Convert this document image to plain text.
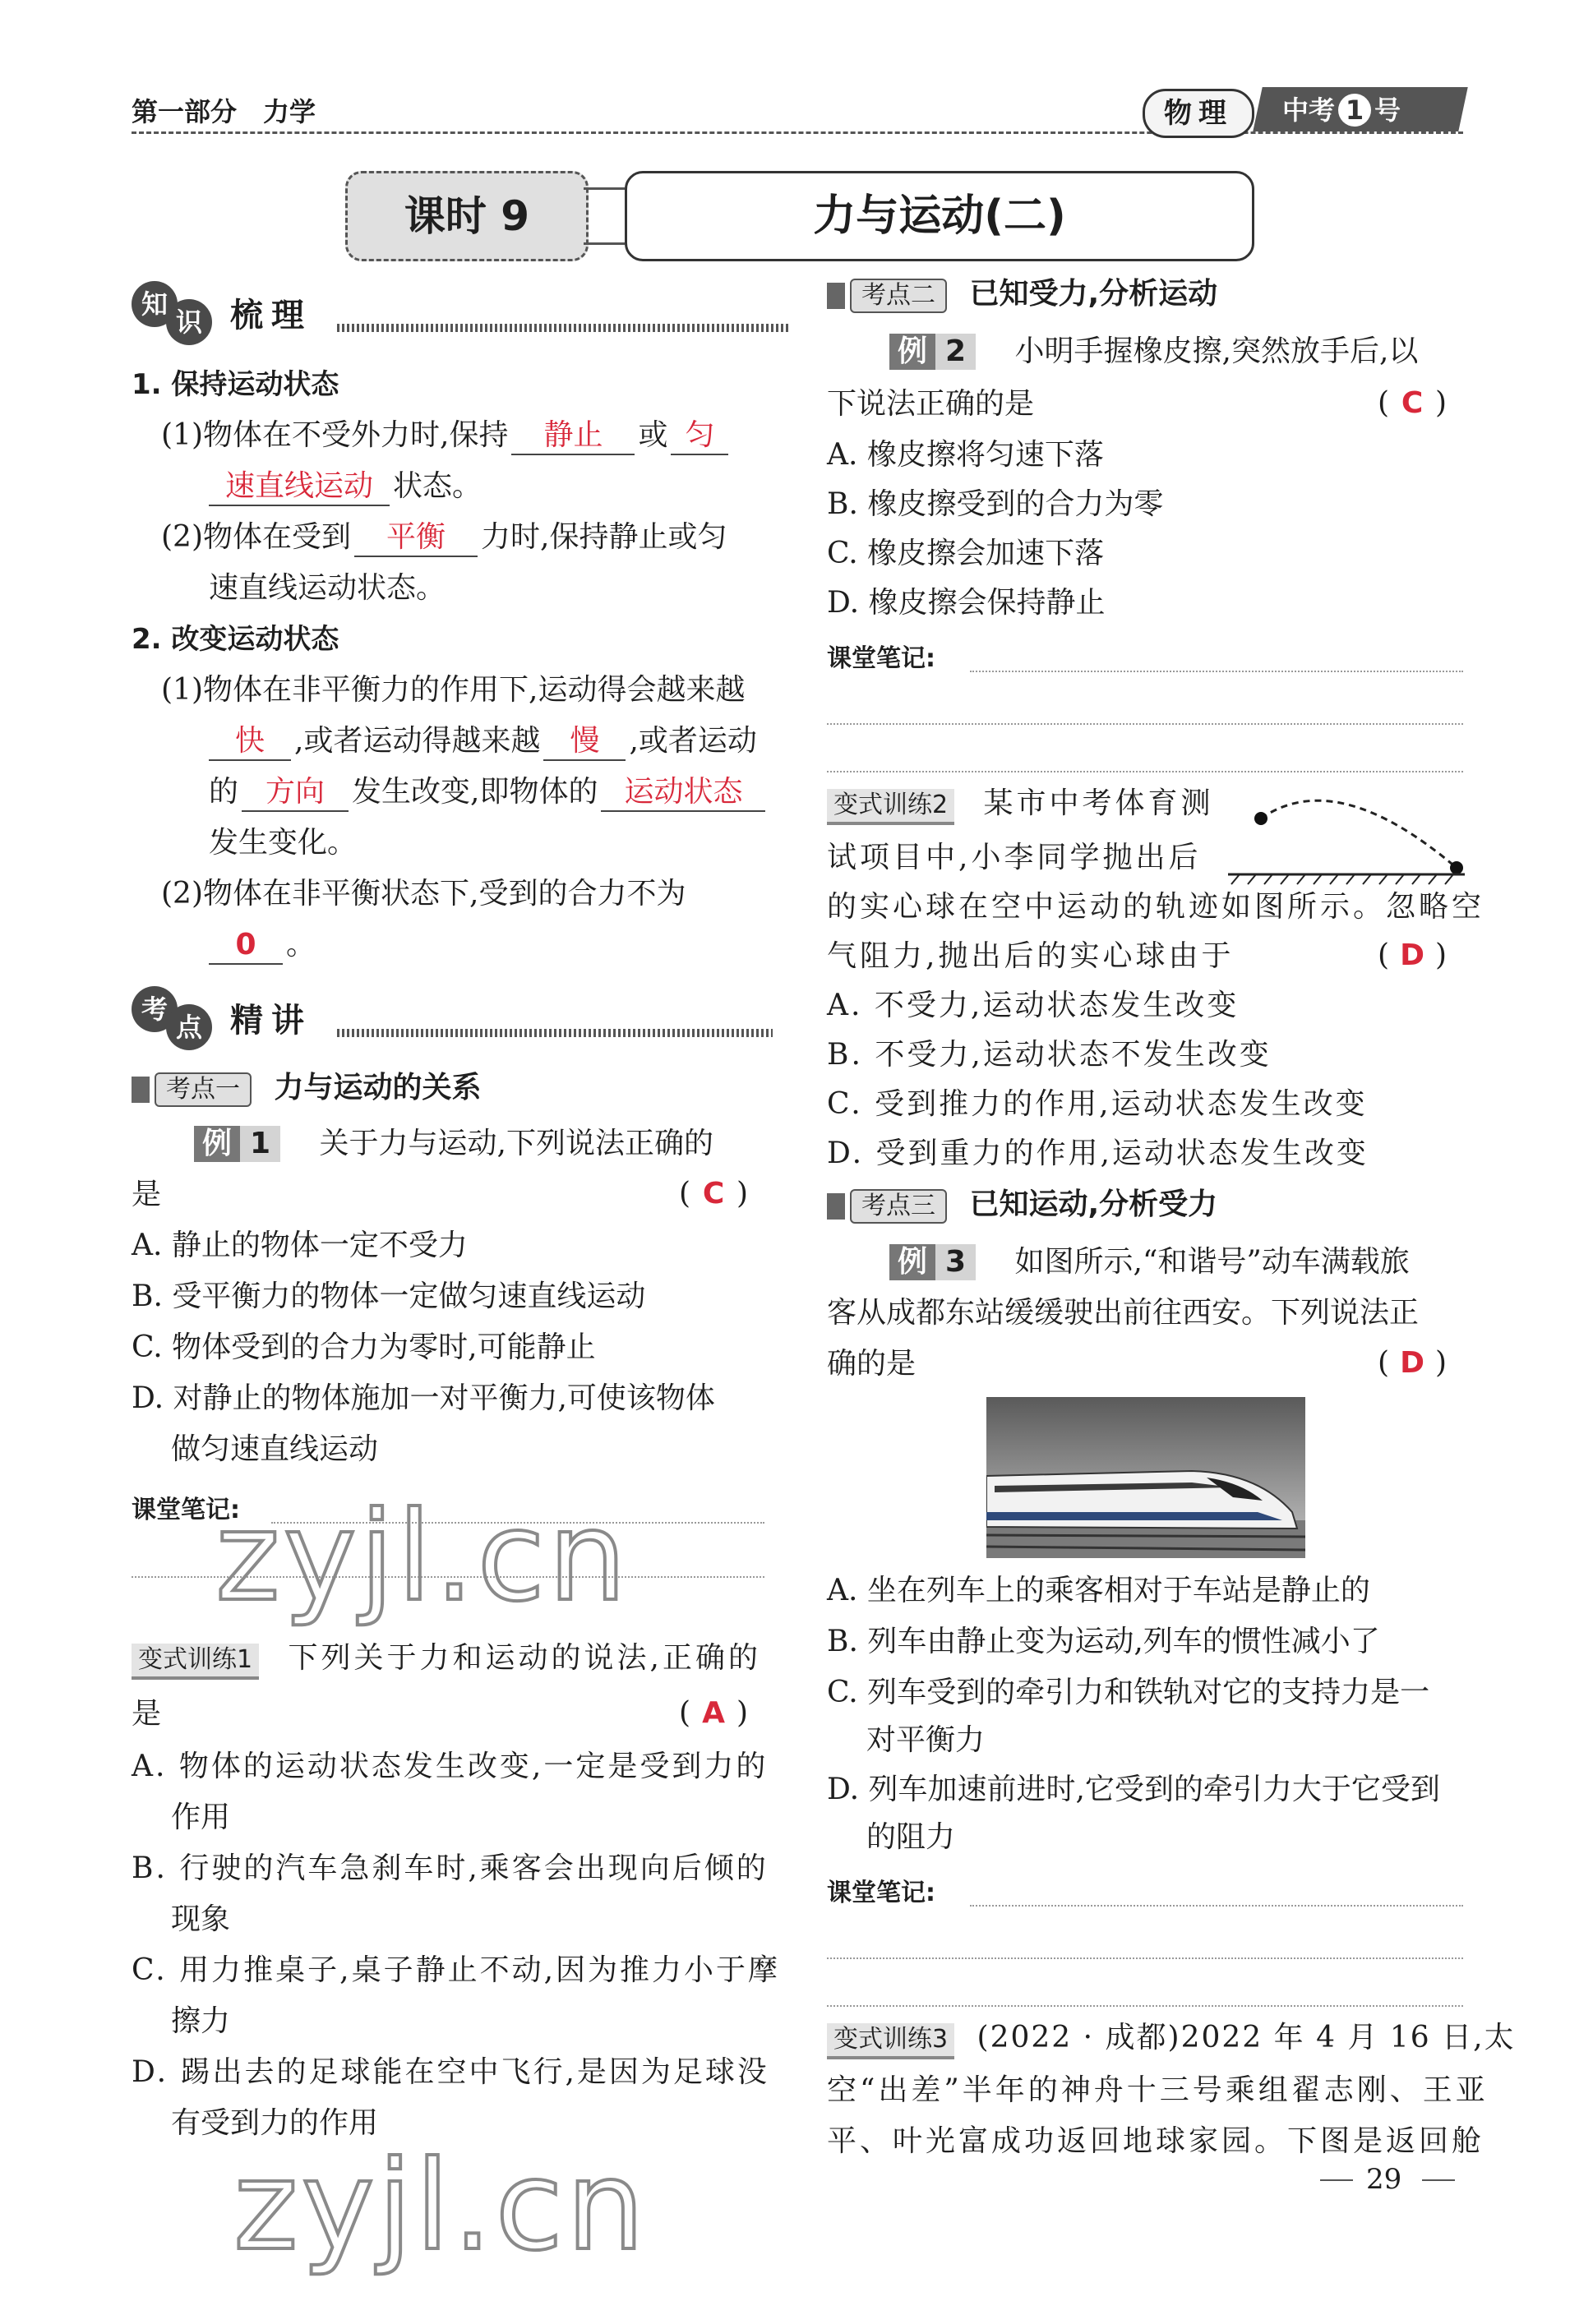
第一部分　力学	物理	中考 1 号
课时 9	力与运动(二)
知
识 梳理
1. 保持运动状态
(1)物体在不受外力时,保持 静止 或 匀
速直线运动 状态。
(2)物体在受到 平衡 力时,保持静止或匀
速直线运动状态。
2. 改变运动状态
(1)物体在非平衡力的作用下,运动得会越来越
快 ,或者运动得越来越 慢 ,或者运动
的 方向 发生改变,即物体的 运动状态
发生变化。
(2)物体在非平衡状态下,受到的合力不为
0 。
考
点 精讲
考点一 力与运动的关系
例 1 关于力与运动,下列说法正确的
是	( C )
A. 静止的物体一定不受力
B. 受平衡力的物体一定做匀速直线运动
C. 物体受到的合力为零时,可能静止
D. 对静止的物体施加一对平衡力,可使该物体
做匀速直线运动
课堂笔记:
变式训练1 下列关于力和运动的说法,正确的
是	( A )
A. 物体的运动状态发生改变,一定是受到力的
作用
B. 行驶的汽车急刹车时,乘客会出现向后倾的
现象
C. 用力推桌子,桌子静止不动,因为推力小于摩
擦力
D. 踢出去的足球能在空中飞行,是因为足球没
有受到力的作用
考点二 已知受力,分析运动
例 2 小明手握橡皮擦,突然放手后,以
下说法正确的是	( C )
A. 橡皮擦将匀速下落
B. 橡皮擦受到的合力为零
C. 橡皮擦会加速下落
D. 橡皮擦会保持静止
课堂笔记:
变式训练2 某市中考体育测
试项目中,小李同学抛出后
的实心球在空中运动的轨迹如图所示。忽略空
气阻力,抛出后的实心球由于	( D )
A. 不受力,运动状态发生改变
B. 不受力,运动状态不发生改变
C. 受到推力的作用,运动状态发生改变
D. 受到重力的作用,运动状态发生改变
考点三 已知运动,分析受力
例 3 如图所示,“和谐号”动车满载旅
客从成都东站缓缓驶出前往西安。下列说法正
确的是	( D )
A. 坐在列车上的乘客相对于车站是静止的
B. 列车由静止变为运动,列车的惯性减小了
C. 列车受到的牵引力和铁轨对它的支持力是一
对平衡力
D. 列车加速前进时,它受到的牵引力大于它受到
的阻力
课堂笔记:
变式训练3 (2022 · 成都)2022 年 4 月 16 日,太
空“出差”半年的神舟十三号乘组翟志刚、王亚
平、叶光富成功返回地球家园。下图是返回舱
29
zyjl.cn
zyjl.cn
